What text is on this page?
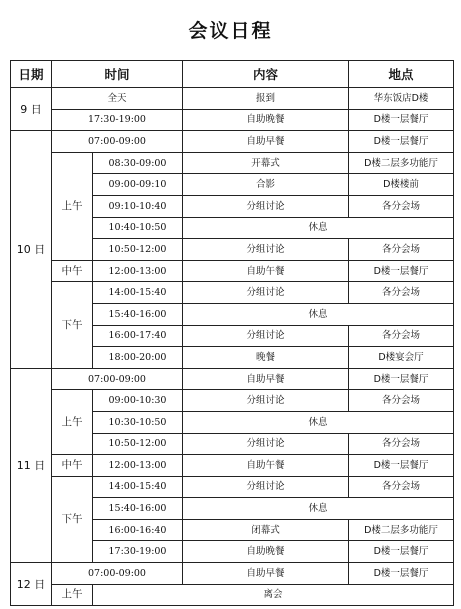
会议日程
日期	时间		内容	地点
9 日	全天		报到	华东饭店D楼
	17:30-19:00		自助晚餐	D楼一层餐厅
10 日	07:00-09:00		自助早餐	D楼一层餐厅
	上午	08:30-09:00	开幕式	D楼二层多功能厅
		09:00-09:10	合影	D楼楼前
		09:10-10:40	分组讨论	各分会场
		10:40-10:50	休息	
		10:50-12:00	分组讨论	各分会场
	中午	12:00-13:00	自助午餐	D楼一层餐厅
	下午	14:00-15:40	分组讨论	各分会场
		15:40-16:00	休息	
		16:00-17:40	分组讨论	各分会场
		18:00-20:00	晚餐	D楼宴会厅
11 日	07:00-09:00		自助早餐	D楼一层餐厅
	上午	09:00-10:30	分组讨论	各分会场
		10:30-10:50	休息	
		10:50-12:00	分组讨论	各分会场
	中午	12:00-13:00	自助午餐	D楼一层餐厅
	下午	14:00-15:40	分组讨论	各分会场
		15:40-16:00	休息	
		16:00-16:40	闭幕式	D楼二层多功能厅
		17:30-19:00	自助晚餐	D楼一层餐厅
12 日	07:00-09:00		自助早餐	D楼一层餐厅
	上午	离会		
